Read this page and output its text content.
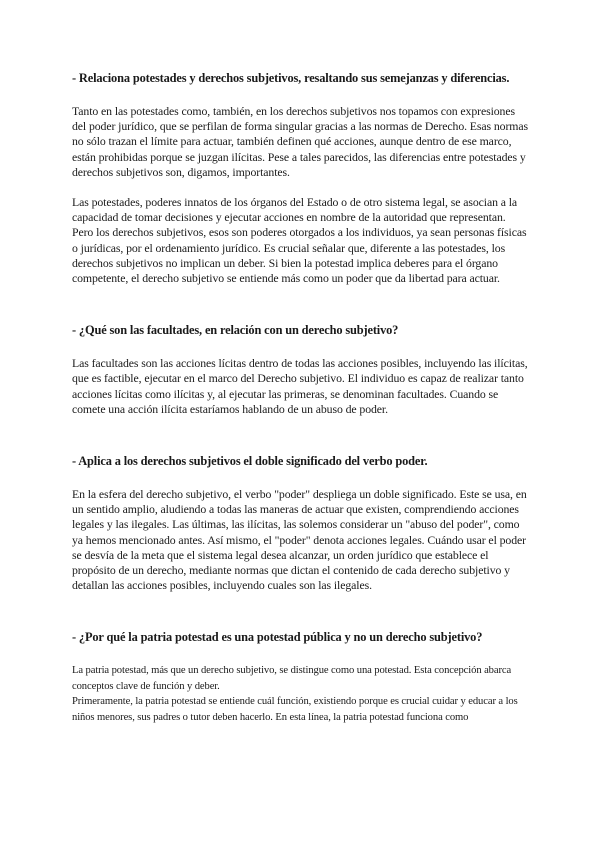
- Relaciona potestades y derechos subjetivos, resaltando sus semejanzas y diferencias.

Tanto en las potestades como, también, en los derechos subjetivos nos topamos con expresiones del poder jurídico, que se perfilan de forma singular gracias a las normas de Derecho. Esas normas no sólo trazan el límite para actuar, también definen qué acciones, aunque dentro de ese marco, están prohibidas porque se juzgan ilícitas. Pese a tales parecidos, las diferencias entre potestades y derechos subjetivos son, digamos, importantes.

Las potestades, poderes innatos de los órganos del Estado o de otro sistema legal, se asocian a la capacidad de tomar decisiones y ejecutar acciones en nombre de la autoridad que representan. Pero los derechos subjetivos, esos son poderes otorgados a los individuos, ya sean personas físicas o jurídicas, por el ordenamiento jurídico. Es crucial señalar que, diferente a las potestades, los derechos subjetivos no implican un deber. Si bien la potestad implica deberes para el órgano competente, el derecho subjetivo se entiende más como un poder que da libertad para actuar.

- ¿Qué son las facultades, en relación con un derecho subjetivo?

Las facultades son las acciones lícitas dentro de todas las acciones posibles, incluyendo las ilícitas, que es factible, ejecutar en el marco del Derecho subjetivo. El individuo es capaz de realizar tanto acciones lícitas como ilícitas y, al ejecutar las primeras, se denominan facultades. Cuando se comete una acción ilícita estaríamos hablando de un abuso de poder.

- Aplica a los derechos subjetivos el doble significado del verbo poder.

En la esfera del derecho subjetivo, el verbo "poder" despliega un doble significado. Este se usa, en un sentido amplio, aludiendo a todas las maneras de actuar que existen, comprendiendo acciones legales y las ilegales. Las últimas, las ilícitas, las solemos considerar un "abuso del poder", como ya hemos mencionado antes. Así mismo, el "poder" denota acciones legales. Cuándo usar el poder se desvía de la meta que el sistema legal desea alcanzar, un orden jurídico que establece el propósito de un derecho, mediante normas que dictan el contenido de cada derecho subjetivo y detallan las acciones posibles, incluyendo cuales son las ilegales.

- ¿Por qué la patria potestad es una potestad pública y no un derecho subjetivo?

La patria potestad, más que un derecho subjetivo, se distingue como una potestad. Esta concepción abarca conceptos clave de función y deber.

Primeramente, la patria potestad se entiende cuál función, existiendo porque es crucial cuidar y educar a los niños menores, sus padres o tutor deben hacerlo. En esta línea, la patria potestad funciona como
